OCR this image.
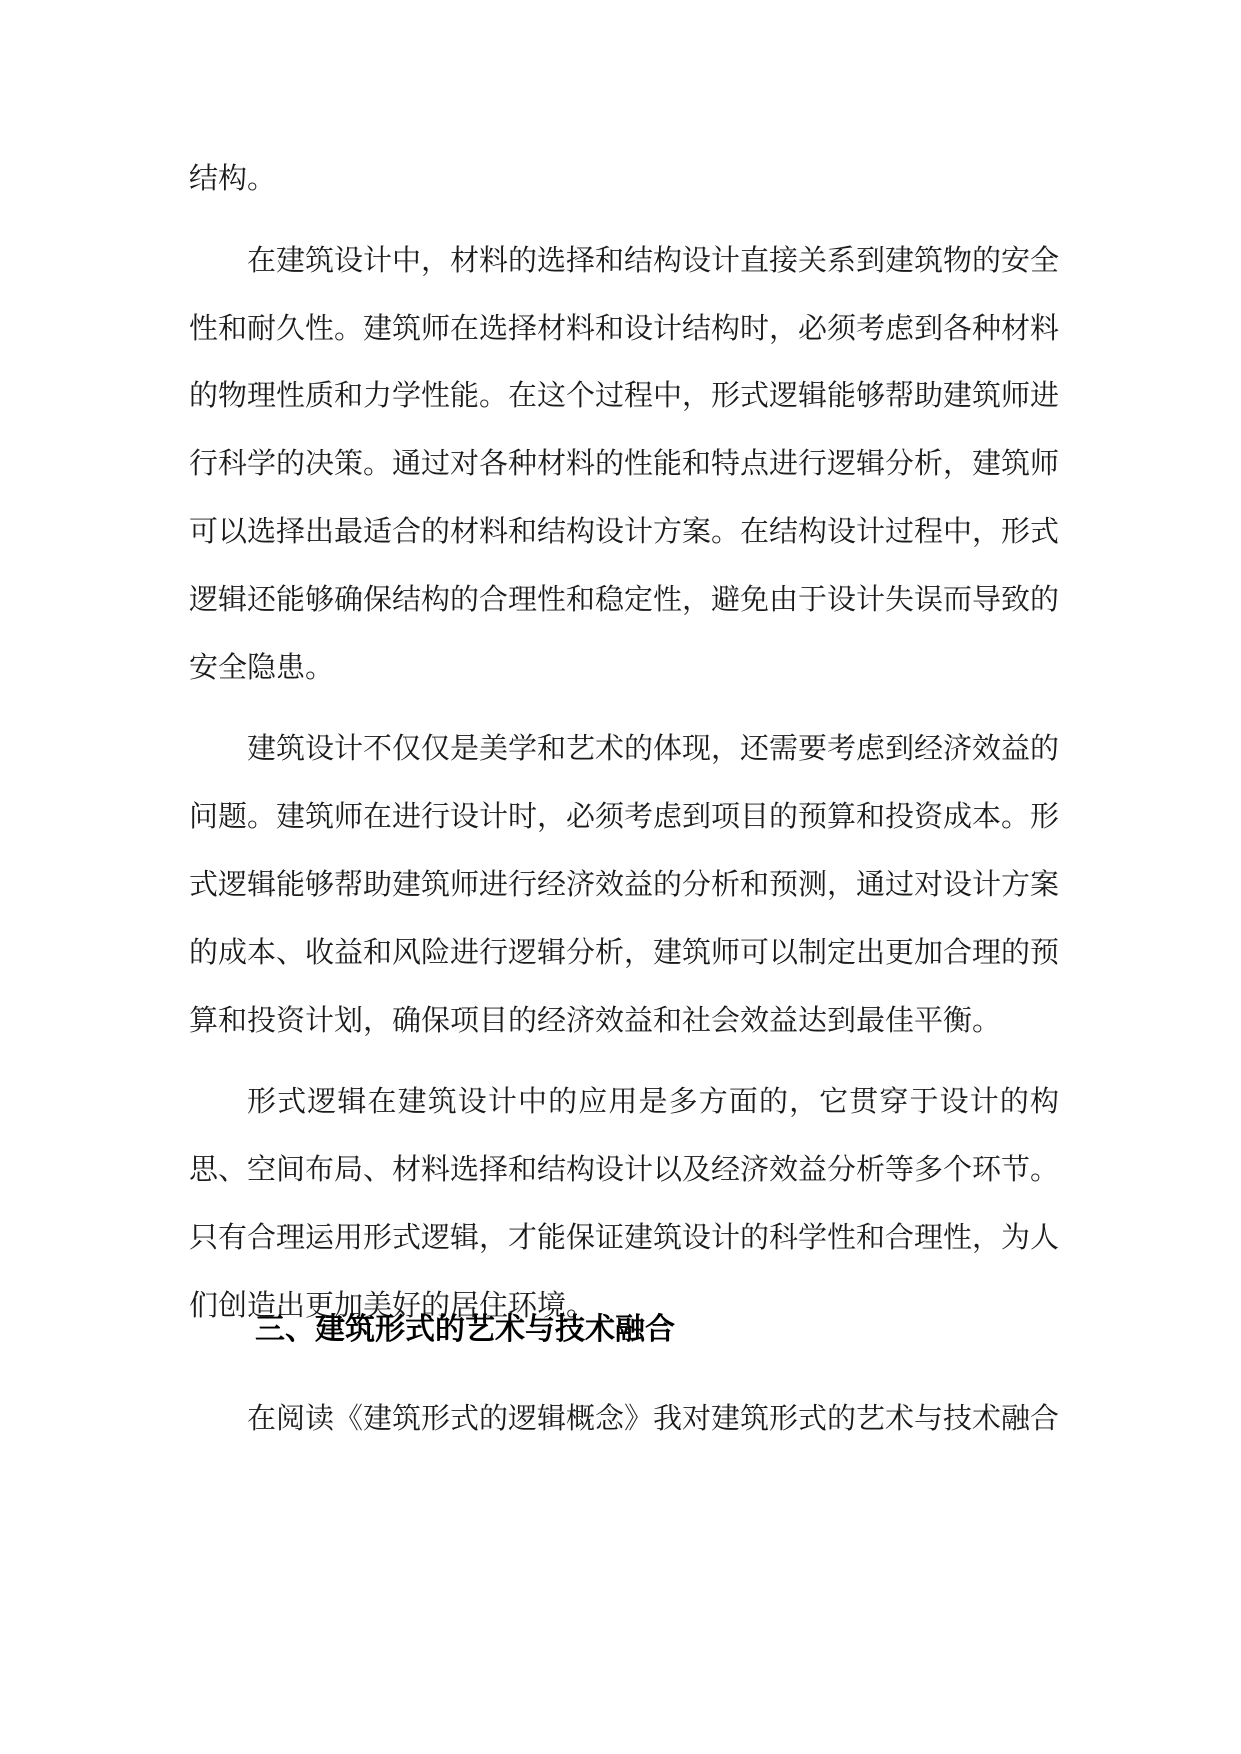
结构。

在建筑设计中，材料的选择和结构设计直接关系到建筑物的安全性和耐久性。建筑师在选择材料和设计结构时，必须考虑到各种材料的物理性质和力学性能。在这个过程中，形式逻辑能够帮助建筑师进行科学的决策。通过对各种材料的性能和特点进行逻辑分析，建筑师可以选择出最适合的材料和结构设计方案。在结构设计过程中，形式逻辑还能够确保结构的合理性和稳定性，避免由于设计失误而导致的安全隐患。

建筑设计不仅仅是美学和艺术的体现，还需要考虑到经济效益的问题。建筑师在进行设计时，必须考虑到项目的预算和投资成本。形式逻辑能够帮助建筑师进行经济效益的分析和预测，通过对设计方案的成本、收益和风险进行逻辑分析，建筑师可以制定出更加合理的预算和投资计划，确保项目的经济效益和社会效益达到最佳平衡。

形式逻辑在建筑设计中的应用是多方面的，它贯穿于设计的构思、空间布局、材料选择和结构设计以及经济效益分析等多个环节。只有合理运用形式逻辑，才能保证建筑设计的科学性和合理性，为人们创造出更加美好的居住环境。

三、建筑形式的艺术与技术融合

在阅读《建筑形式的逻辑概念》我对建筑形式的艺术与技术融合
